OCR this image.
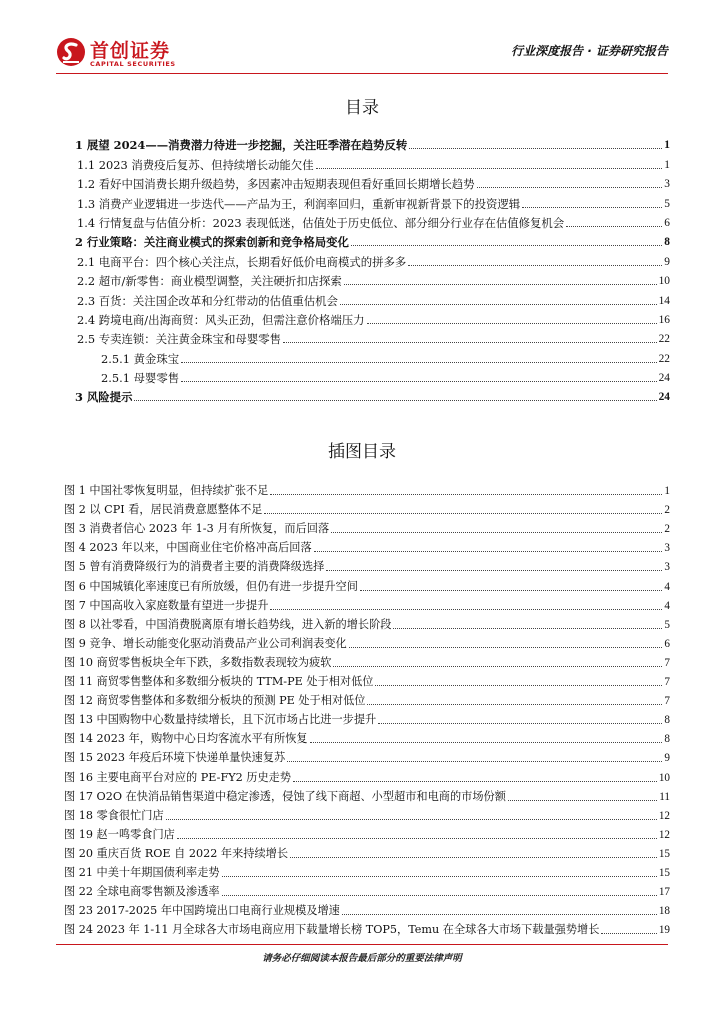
首创证券
CAPITAL SECURITIES
行业深度报告 · 证券研究报告
目录
1 展望 2024——消费潜力待进一步挖掘，关注旺季潜在趋势反转	1
1.1 2023 消费疫后复苏、但持续增长动能欠佳	1
1.2 看好中国消费长期升级趋势，多因素冲击短期表现但看好重回长期增长趋势	3
1.3 消费产业逻辑进一步迭代——产品为王，利润率回归，重新审视新背景下的投资逻辑	5
1.4 行情复盘与估值分析：2023 表现低迷，估值处于历史低位、部分细分行业存在估值修复机会	6
2 行业策略：关注商业模式的探索创新和竞争格局变化	8
2.1 电商平台：四个核心关注点，长期看好低价电商模式的拼多多	9
2.2 超市/新零售：商业模型调整，关注硬折扣店探索	10
2.3 百货：关注国企改革和分红带动的估值重估机会	14
2.4 跨境电商/出海商贸：风头正劲，但需注意价格端压力	16
2.5 专卖连锁：关注黄金珠宝和母婴零售	22
2.5.1 黄金珠宝	22
2.5.1 母婴零售	24
3 风险提示	24
插图目录
图 1 中国社零恢复明显，但持续扩张不足	1
图 2 以 CPI 看，居民消费意愿整体不足	2
图 3 消费者信心 2023 年 1-3 月有所恢复，而后回落	2
图 4 2023 年以来，中国商业住宅价格冲高后回落	3
图 5 曾有消费降级行为的消费者主要的消费降级选择	3
图 6 中国城镇化率速度已有所放缓，但仍有进一步提升空间	4
图 7 中国高收入家庭数量有望进一步提升	4
图 8 以社零看，中国消费脱离原有增长趋势线，进入新的增长阶段	5
图 9 竞争、增长动能变化驱动消费品产业公司利润表变化	6
图 10 商贸零售板块全年下跌，多数指数表现较为疲软	7
图 11 商贸零售整体和多数细分板块的 TTM-PE 处于相对低位	7
图 12 商贸零售整体和多数细分板块的预测 PE 处于相对低位	7
图 13 中国购物中心数量持续增长，且下沉市场占比进一步提升	8
图 14 2023 年，购物中心日均客流水平有所恢复	8
图 15 2023 年疫后环境下快递单量快速复苏	9
图 16 主要电商平台对应的 PE-FY2 历史走势	10
图 17 O2O 在快消品销售渠道中稳定渗透，侵蚀了线下商超、小型超市和电商的市场份额	11
图 18 零食很忙门店	12
图 19 赵一鸣零食门店	12
图 20 重庆百货 ROE 自 2022 年来持续增长	15
图 21 中美十年期国债利率走势	15
图 22 全球电商零售额及渗透率	17
图 23 2017-2025 年中国跨境出口电商行业规模及增速	18
图 24 2023 年 1-11 月全球各大市场电商应用下载量增长榜 TOP5，Temu 在全球各大市场下载量强势增长	19
请务必仔细阅读本报告最后部分的重要法律声明
